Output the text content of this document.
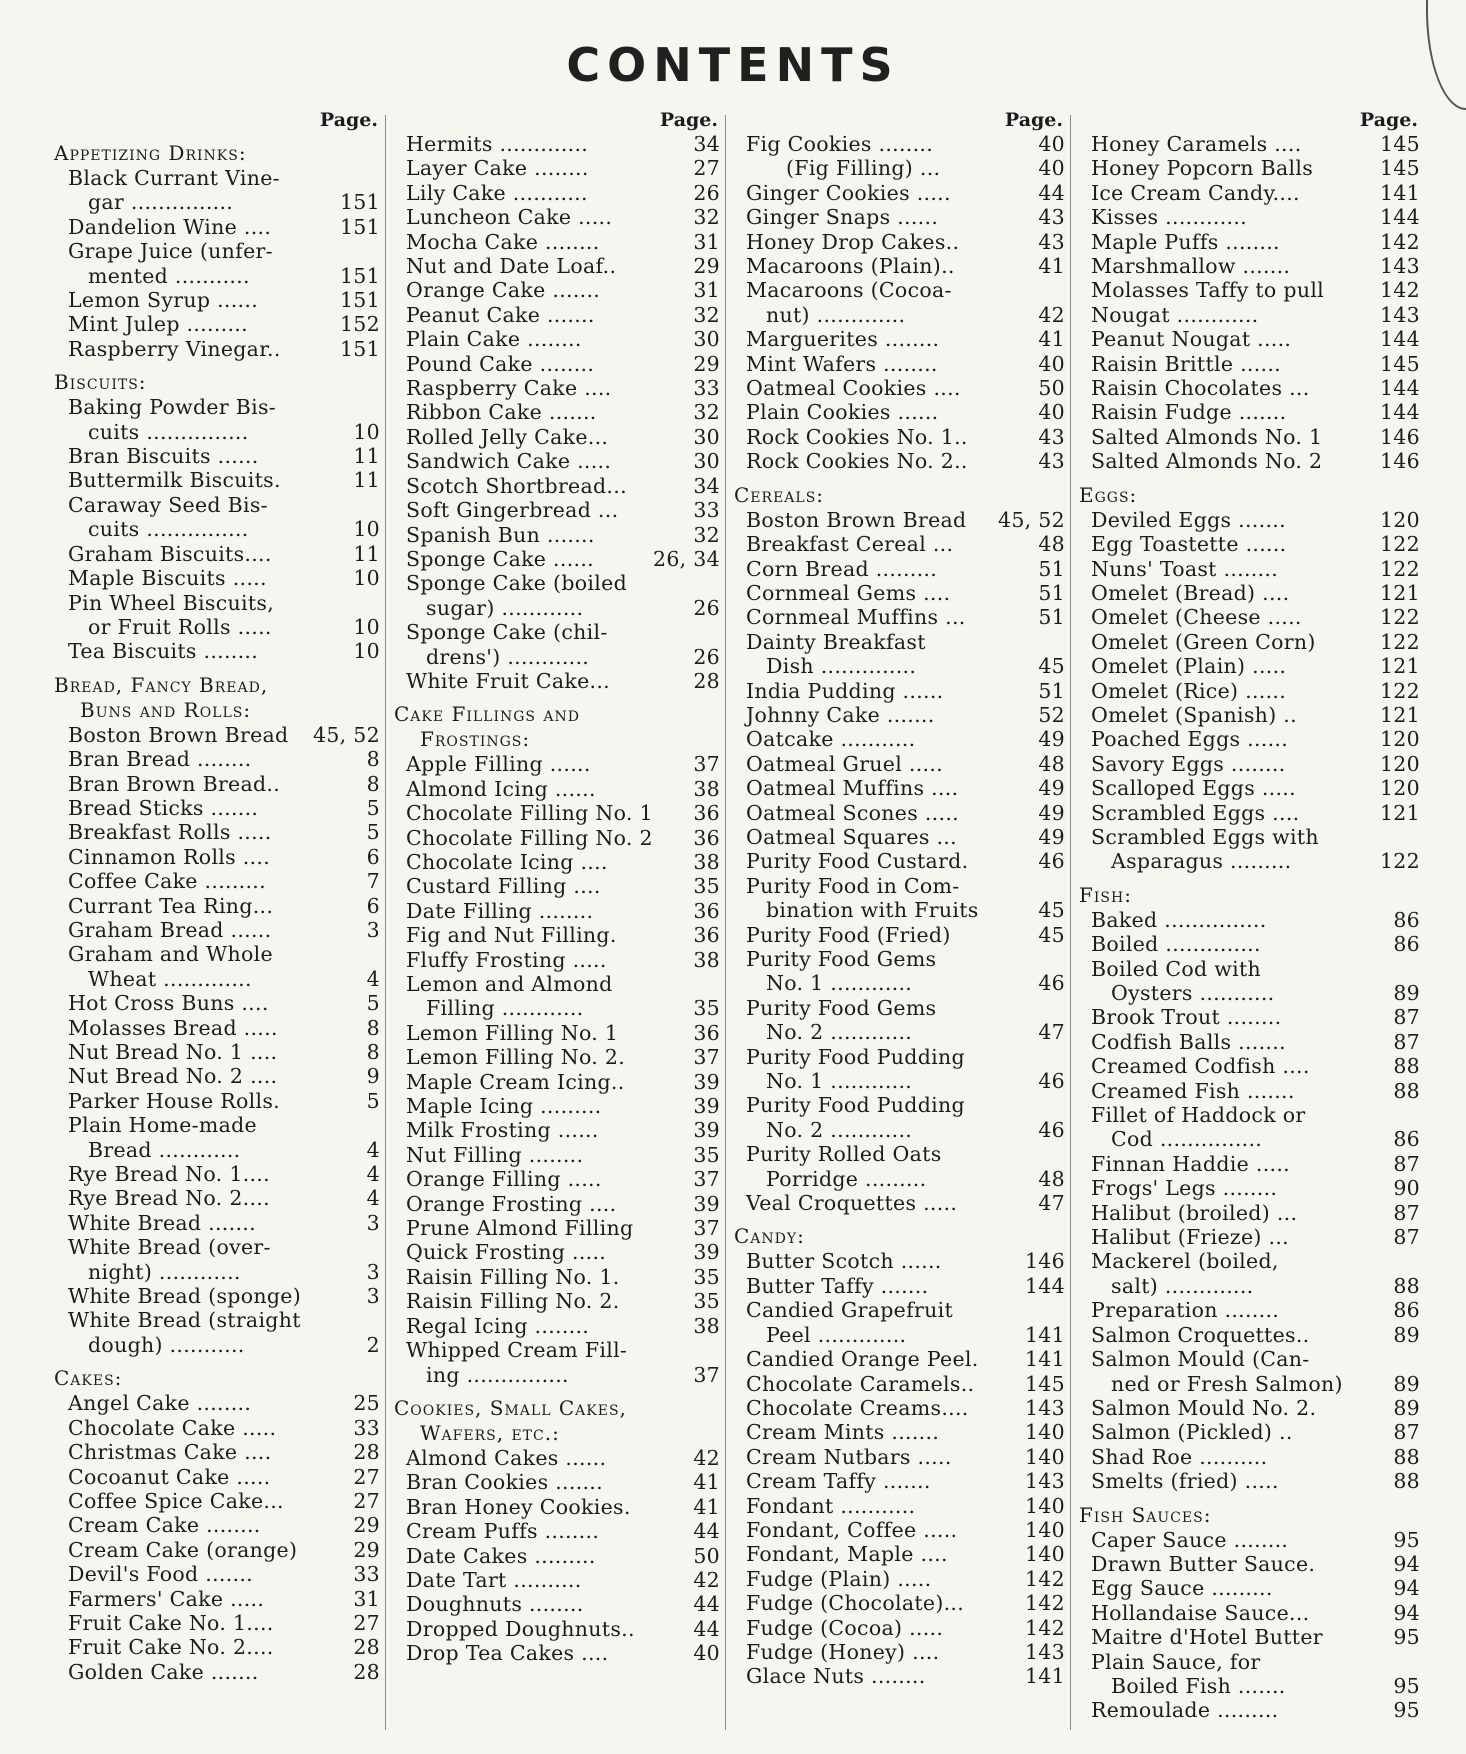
CONTENTS
Page.
Appetizing Drinks:
Black Currant Vine-
gar ...............	151
Dandelion Wine ....	151
Grape Juice (unfer-
mented ...........	151
Lemon Syrup ......	151
Mint Julep .........	152
Raspberry Vinegar..	151
Biscuits:
Baking Powder Bis-
cuits ...............	10
Bran Biscuits ......	11
Buttermilk Biscuits.	11
Caraway Seed Bis-
cuits ...............	10
Graham Biscuits....	11
Maple Biscuits .....	10
Pin Wheel Biscuits,
or Fruit Rolls .....	10
Tea Biscuits ........	10
Bread, Fancy Bread,
Buns and Rolls:
Boston Brown Bread	45, 52
Bran Bread ........	8
Bran Brown Bread..	8
Bread Sticks .......	5
Breakfast Rolls .....	5
Cinnamon Rolls ....	6
Coffee Cake .........	7
Currant Tea Ring...	6
Graham Bread ......	3
Graham and Whole
Wheat .............	4
Hot Cross Buns ....	5
Molasses Bread .....	8
Nut Bread No. 1 ....	8
Nut Bread No. 2 ....	9
Parker House Rolls.	5
Plain Home-made
Bread ............	4
Rye Bread No. 1....	4
Rye Bread No. 2....	4
White Bread .......	3
White Bread (over-
night) ............	3
White Bread (sponge)	3
White Bread (straight
dough) ...........	2
Cakes:
Angel Cake ........	25
Chocolate Cake .....	33
Christmas Cake ....	28
Cocoanut Cake .....	27
Coffee Spice Cake...	27
Cream Cake ........	29
Cream Cake (orange)	29
Devil's Food .......	33
Farmers' Cake .....	31
Fruit Cake No. 1....	27
Fruit Cake No. 2....	28
Golden Cake .......	28
Page.
Hermits .............	34
Layer Cake ........	27
Lily Cake ...........	26
Luncheon Cake .....	32
Mocha Cake ........	31
Nut and Date Loaf..	29
Orange Cake .......	31
Peanut Cake .......	32
Plain Cake ........	30
Pound Cake ........	29
Raspberry Cake ....	33
Ribbon Cake .......	32
Rolled Jelly Cake...	30
Sandwich Cake .....	30
Scotch Shortbread...	34
Soft Gingerbread ...	33
Spanish Bun .......	32
Sponge Cake ......	26, 34
Sponge Cake (boiled
sugar) ............	26
Sponge Cake (chil-
drens') ............	26
White Fruit Cake...	28
Cake Fillings and
Frostings:
Apple Filling ......	37
Almond Icing ......	38
Chocolate Filling No. 1	36
Chocolate Filling No. 2	36
Chocolate Icing ....	38
Custard Filling ....	35
Date Filling ........	36
Fig and Nut Filling.	36
Fluffy Frosting .....	38
Lemon and Almond
Filling ............	35
Lemon Filling No. 1	36
Lemon Filling No. 2.	37
Maple Cream Icing..	39
Maple Icing .........	39
Milk Frosting ......	39
Nut Filling ........	35
Orange Filling .....	37
Orange Frosting ....	39
Prune Almond Filling	37
Quick Frosting .....	39
Raisin Filling No. 1.	35
Raisin Filling No. 2.	35
Regal Icing ........	38
Whipped Cream Fill-
ing ...............	37
Cookies, Small Cakes,
Wafers, etc.:
Almond Cakes ......	42
Bran Cookies .......	41
Bran Honey Cookies.	41
Cream Puffs ........	44
Date Cakes .........	50
Date Tart ..........	42
Doughnuts ........	44
Dropped Doughnuts..	44
Drop Tea Cakes ....	40
Page.
Fig Cookies ........	40
(Fig Filling) ...	40
Ginger Cookies .....	44
Ginger Snaps ......	43
Honey Drop Cakes..	43
Macaroons (Plain)..	41
Macaroons (Cocoa-
nut) .............	42
Marguerites ........	41
Mint Wafers ........	40
Oatmeal Cookies ....	50
Plain Cookies ......	40
Rock Cookies No. 1..	43
Rock Cookies No. 2..	43
Cereals:
Boston Brown Bread	45, 52
Breakfast Cereal ...	48
Corn Bread .........	51
Cornmeal Gems ....	51
Cornmeal Muffins ...	51
Dainty Breakfast
Dish ..............	45
India Pudding ......	51
Johnny Cake .......	52
Oatcake ...........	49
Oatmeal Gruel .....	48
Oatmeal Muffins ....	49
Oatmeal Scones .....	49
Oatmeal Squares ...	49
Purity Food Custard.	46
Purity Food in Com-
bination with Fruits	45
Purity Food (Fried)	45
Purity Food Gems
No. 1 ............	46
Purity Food Gems
No. 2 ............	47
Purity Food Pudding
No. 1 ............	46
Purity Food Pudding
No. 2 ............	46
Purity Rolled Oats
Porridge .........	48
Veal Croquettes .....	47
Candy:
Butter Scotch ......	146
Butter Taffy .......	144
Candied Grapefruit
Peel .............	141
Candied Orange Peel.	141
Chocolate Caramels..	145
Chocolate Creams....	143
Cream Mints .......	140
Cream Nutbars .....	140
Cream Taffy .......	143
Fondant ...........	140
Fondant, Coffee .....	140
Fondant, Maple ....	140
Fudge (Plain) .....	142
Fudge (Chocolate)...	142
Fudge (Cocoa) .....	142
Fudge (Honey) ....	143
Glace Nuts ........	141
Page.
Honey Caramels ....	145
Honey Popcorn Balls	145
Ice Cream Candy....	141
Kisses ............	144
Maple Puffs ........	142
Marshmallow .......	143
Molasses Taffy to pull	142
Nougat ............	143
Peanut Nougat .....	144
Raisin Brittle ......	145
Raisin Chocolates ...	144
Raisin Fudge .......	144
Salted Almonds No. 1	146
Salted Almonds No. 2	146
Eggs:
Deviled Eggs .......	120
Egg Toastette ......	122
Nuns' Toast ........	122
Omelet (Bread) ....	121
Omelet (Cheese .....	122
Omelet (Green Corn)	122
Omelet (Plain) .....	121
Omelet (Rice) ......	122
Omelet (Spanish) ..	121
Poached Eggs ......	120
Savory Eggs ........	120
Scalloped Eggs .....	120
Scrambled Eggs ....	121
Scrambled Eggs with
Asparagus .........	122
Fish:
Baked ...............	86
Boiled ..............	86
Boiled Cod with
Oysters ...........	89
Brook Trout ........	87
Codfish Balls .......	87
Creamed Codfish ....	88
Creamed Fish .......	88
Fillet of Haddock or
Cod ...............	86
Finnan Haddie .....	87
Frogs' Legs ........	90
Halibut (broiled) ...	87
Halibut (Frieze) ...	87
Mackerel (boiled,
salt) .............	88
Preparation ........	86
Salmon Croquettes..	89
Salmon Mould (Can-
ned or Fresh Salmon)	89
Salmon Mould No. 2.	89
Salmon (Pickled) ..	87
Shad Roe ..........	88
Smelts (fried) .....	88
Fish Sauces:
Caper Sauce ........	95
Drawn Butter Sauce.	94
Egg Sauce .........	94
Hollandaise Sauce...	94
Maitre d'Hotel Butter	95
Plain Sauce, for
Boiled Fish .......	95
Remoulade .........	95
